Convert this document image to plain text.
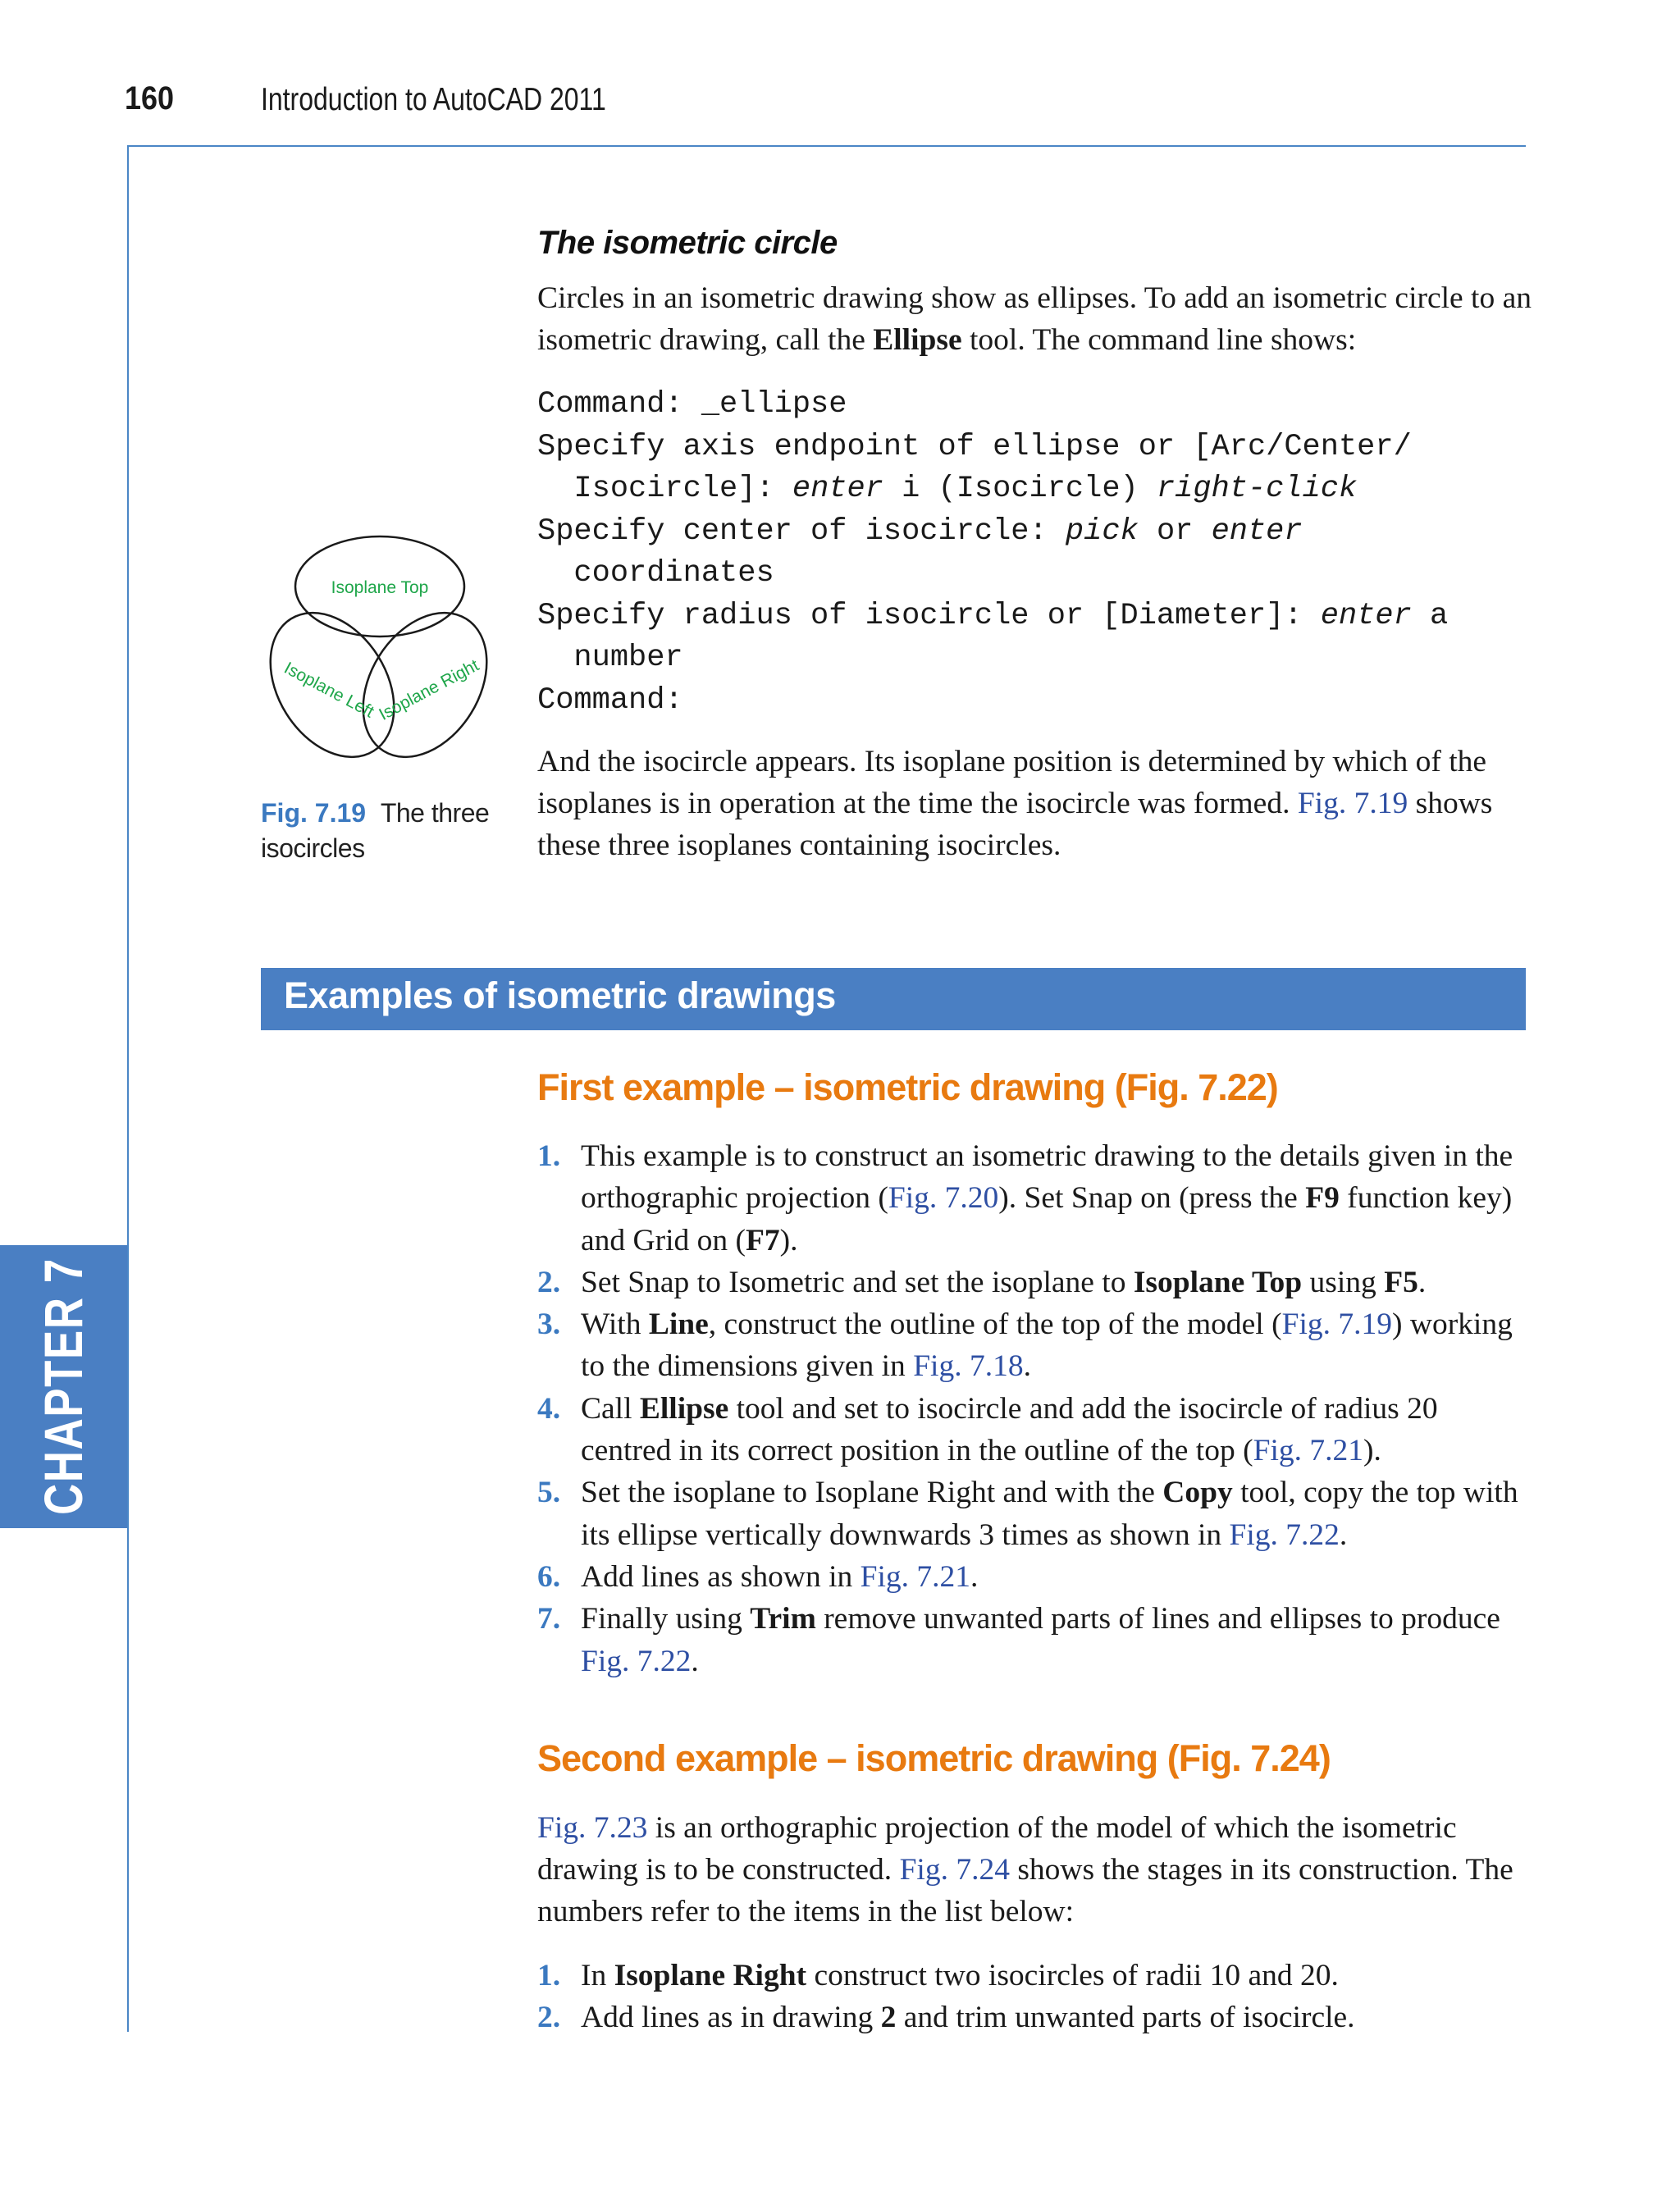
160	Introduction to AutoCAD 2011
The isometric circle
Circles in an isometric drawing show as ellipses. To add an isometric circle to an isometric drawing, call the Ellipse tool. The command line shows:
Command: _ellipse
Specify axis endpoint of ellipse or [Arc/Center/
Isocircle]: enter i (Isocircle) right-click
Specify center of isocircle: pick or enter
coordinates
Specify radius of isocircle or [Diameter]: enter a
number
Command:
And the isocircle appears. Its isoplane position is determined by which of the isoplanes is in operation at the time the isocircle was formed. Fig. 7.19 shows these three isoplanes containing isocircles.
Isoplane Top
Isoplane Left
Isoplane Right
Fig. 7.19 The three isocircles
Examples of isometric drawings
First example – isometric drawing (Fig. 7.22)
1. This example is to construct an isometric drawing to the details given in the orthographic projection (Fig. 7.20). Set Snap on (press the F9 function key) and Grid on (F7).
2. Set Snap to Isometric and set the isoplane to Isoplane Top using F5.
3. With Line, construct the outline of the top of the model (Fig. 7.19) working to the dimensions given in Fig. 7.18.
4. Call Ellipse tool and set to isocircle and add the isocircle of radius 20 centred in its correct position in the outline of the top (Fig. 7.21).
5. Set the isoplane to Isoplane Right and with the Copy tool, copy the top with its ellipse vertically downwards 3 times as shown in Fig. 7.22.
6. Add lines as shown in Fig. 7.21.
7. Finally using Trim remove unwanted parts of lines and ellipses to produce Fig. 7.22.
Second example – isometric drawing (Fig. 7.24)
Fig. 7.23 is an orthographic projection of the model of which the isometric drawing is to be constructed. Fig. 7.24 shows the stages in its construction. The numbers refer to the items in the list below:
1. In Isoplane Right construct two isocircles of radii 10 and 20.
2. Add lines as in drawing 2 and trim unwanted parts of isocircle.
CHAPTER 7
